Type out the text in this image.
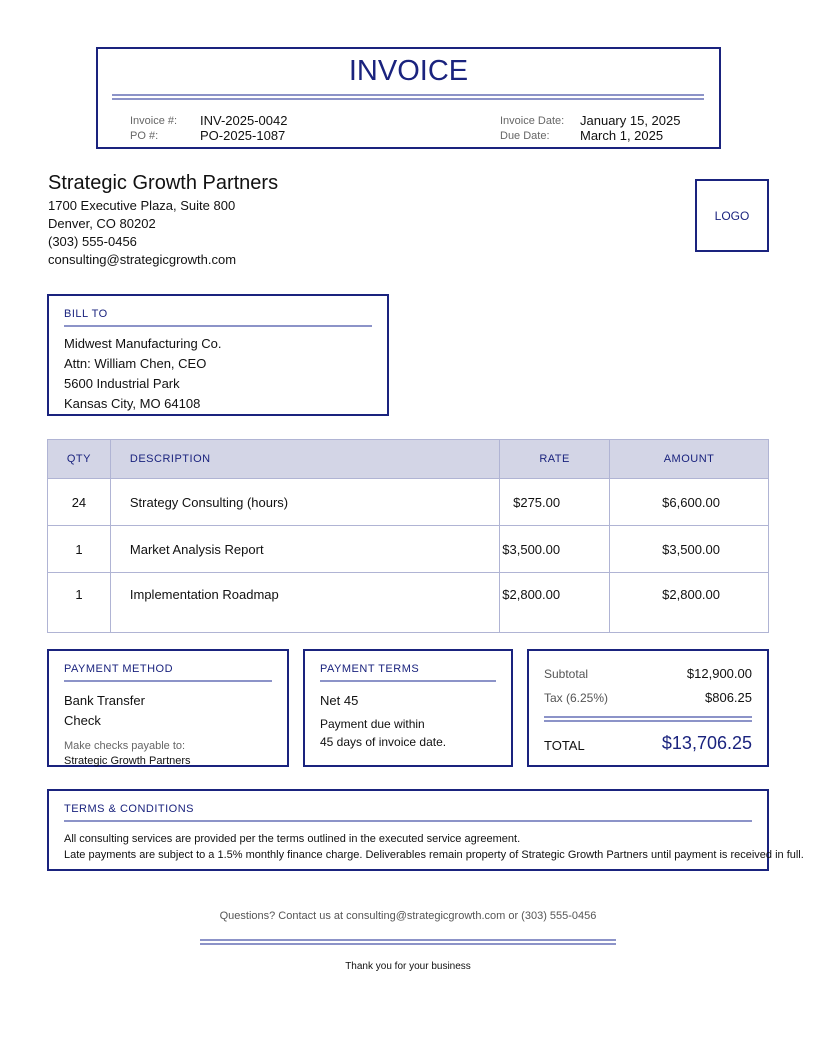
INVOICE
Invoice #: INV-2025-0042
PO #:	PO-2025-1087
Invoice Date: January 15, 2025
Due Date: March 1, 2025
Strategic Growth Partners
1700 Executive Plaza, Suite 800
Denver, CO 80202
(303) 555-0456
consulting@strategicgrowth.com
LOGO
BILL TO
Midwest Manufacturing Co.
Attn: William Chen, CEO
5600 Industrial Park
Kansas City, MO 64108
QTY	DESCRIPTION	RATE	AMOUNT
24	Strategy Consulting (hours)	$275.00	$6,600.00
1	Market Analysis Report	$3,500.00	$3,500.00
1	Implementation Roadmap	$2,800.00	$2,800.00
PAYMENT METHOD
Bank Transfer
Check
Make checks payable to:
Strategic Growth Partners
PAYMENT TERMS
Net 45
Payment due within
45 days of invoice date.
Subtotal	$12,900.00
Tax (6.25%)	$806.25
TOTAL	$13,706.25
TERMS & CONDITIONS
All consulting services are provided per the terms outlined in the executed service agreement.
Late payments are subject to a 1.5% monthly finance charge. Deliverables remain property of Strategic Growth Partners until payment is received in full.
Questions? Contact us at consulting@strategicgrowth.com or (303) 555-0456
Thank you for your business
